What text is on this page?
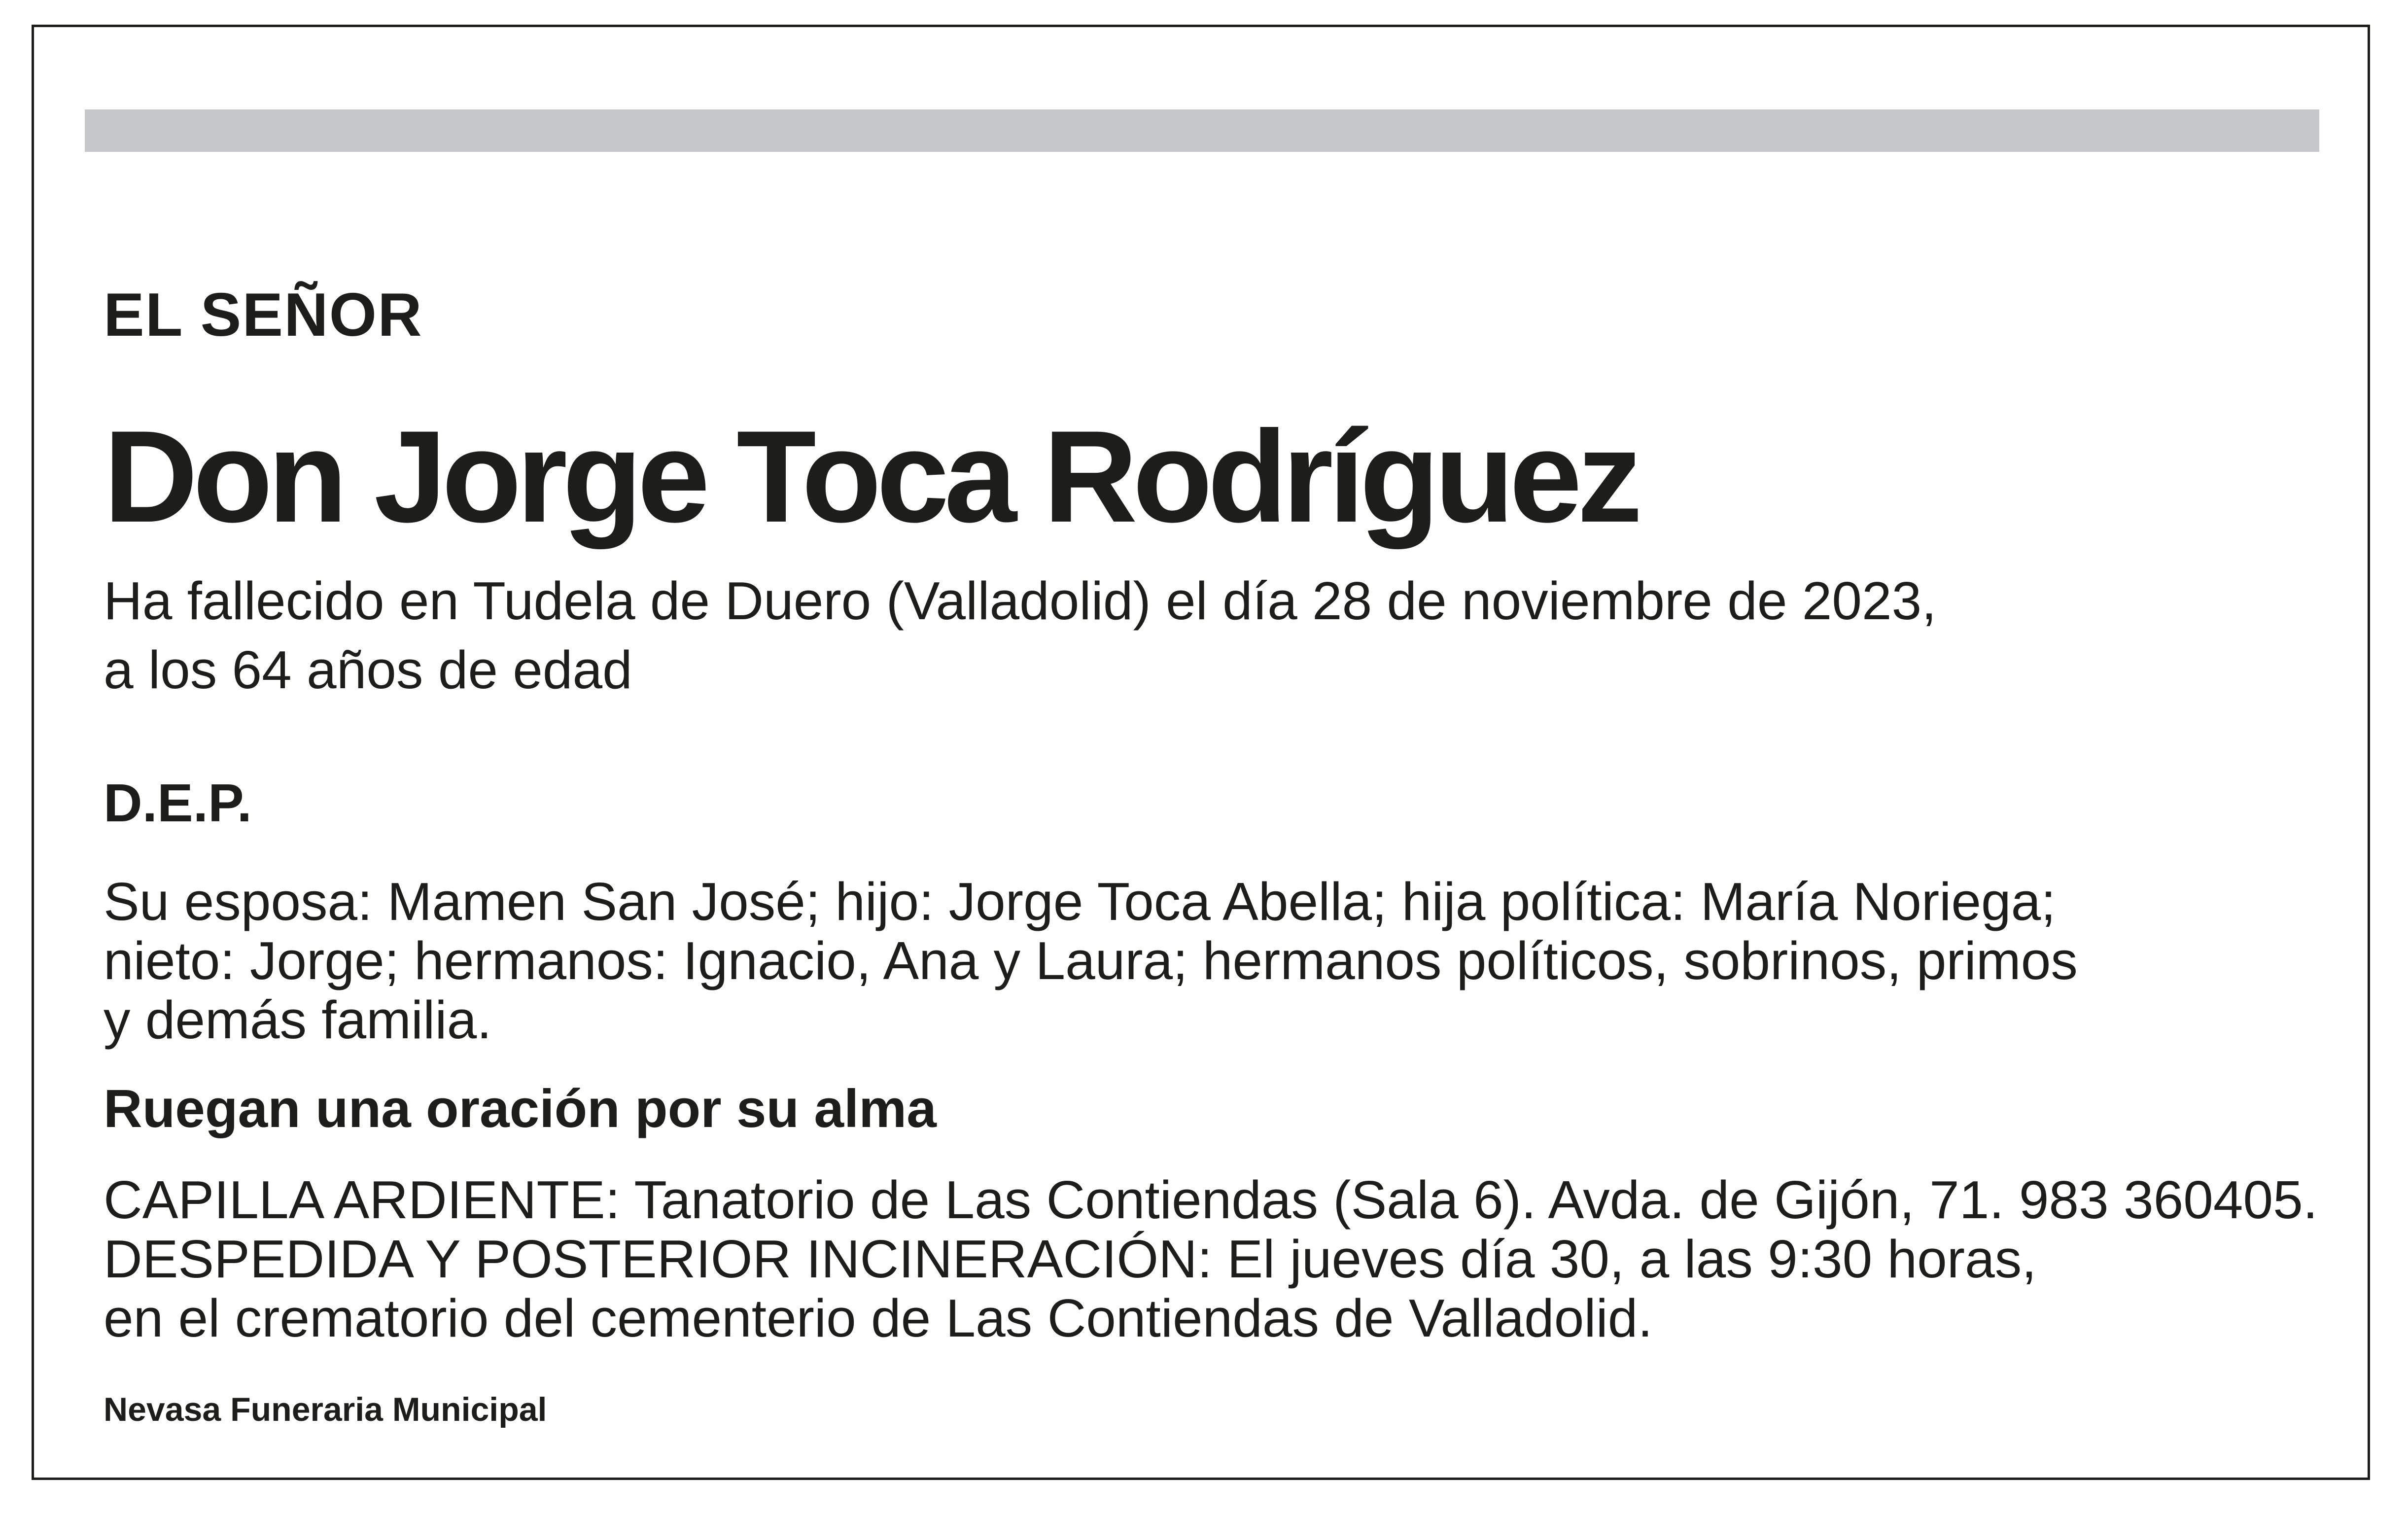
EL SEÑOR

Don Jorge Toca Rodríguez

Ha fallecido en Tudela de Duero (Valladolid) el día 28 de noviembre de 2023,

a los 64 años de edad

D.E.P.

Su esposa: Mamen San José; hijo: Jorge Toca Abella; hija política: María Noriega;

nieto: Jorge; hermanos: Ignacio, Ana y Laura; hermanos políticos, sobrinos, primos

y demás familia.

Ruegan una oración por su alma

CAPILLA ARDIENTE: Tanatorio de Las Contiendas (Sala 6). Avda. de Gijón, 71. 983 360405.

DESPEDIDA Y POSTERIOR INCINERACIÓN: El jueves día 30, a las 9:30 horas,

en el crematorio del cementerio de Las Contiendas de Valladolid.

Nevasa Funeraria Municipal
